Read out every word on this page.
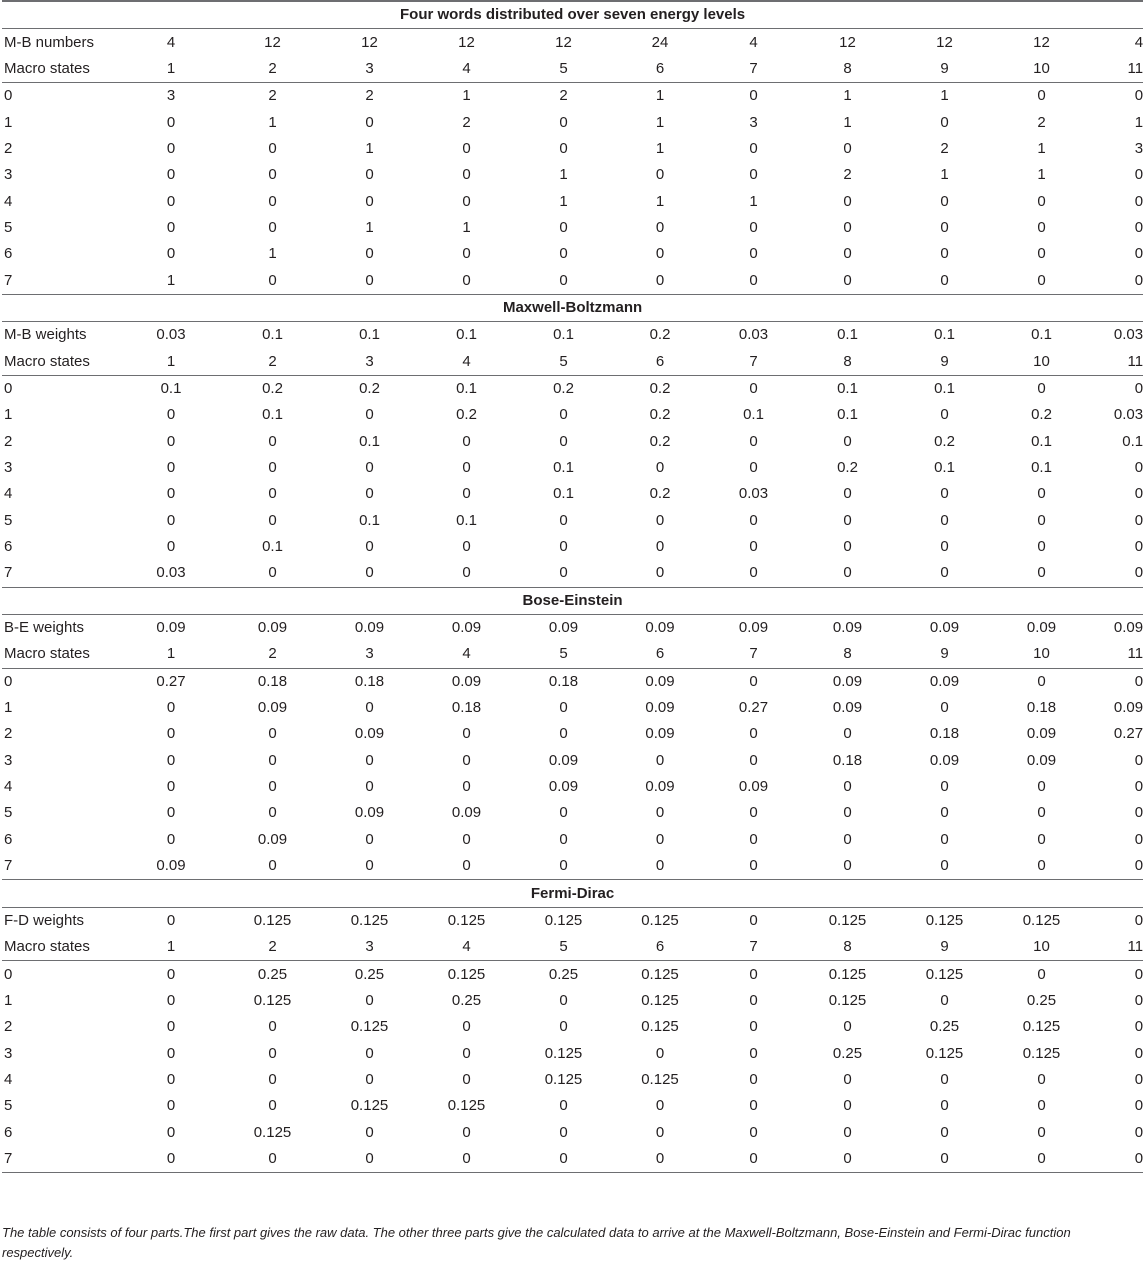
Four words distributed over seven energy levels											
M-B numbers	4	12	12	12	12	24	4	12	12	12	4
Macro states	1	2	3	4	5	6	7	8	9	10	11
0	3	2	2	1	2	1	0	1	1	0	0
1	0	1	0	2	0	1	3	1	0	2	1
2	0	0	1	0	0	1	0	0	2	1	3
3	0	0	0	0	1	0	0	2	1	1	0
4	0	0	0	0	1	1	1	0	0	0	0
5	0	0	1	1	0	0	0	0	0	0	0
6	0	1	0	0	0	0	0	0	0	0	0
7	1	0	0	0	0	0	0	0	0	0	0
Maxwell-Boltzmann											
M-B weights	0.03	0.1	0.1	0.1	0.1	0.2	0.03	0.1	0.1	0.1	0.03
Macro states	1	2	3	4	5	6	7	8	9	10	11
0	0.1	0.2	0.2	0.1	0.2	0.2	0	0.1	0.1	0	0
1	0	0.1	0	0.2	0	0.2	0.1	0.1	0	0.2	0.03
2	0	0	0.1	0	0	0.2	0	0	0.2	0.1	0.1
3	0	0	0	0	0.1	0	0	0.2	0.1	0.1	0
4	0	0	0	0	0.1	0.2	0.03	0	0	0	0
5	0	0	0.1	0.1	0	0	0	0	0	0	0
6	0	0.1	0	0	0	0	0	0	0	0	0
7	0.03	0	0	0	0	0	0	0	0	0	0
Bose-Einstein											
B-E weights	0.09	0.09	0.09	0.09	0.09	0.09	0.09	0.09	0.09	0.09	0.09
Macro states	1	2	3	4	5	6	7	8	9	10	11
0	0.27	0.18	0.18	0.09	0.18	0.09	0	0.09	0.09	0	0
1	0	0.09	0	0.18	0	0.09	0.27	0.09	0	0.18	0.09
2	0	0	0.09	0	0	0.09	0	0	0.18	0.09	0.27
3	0	0	0	0	0.09	0	0	0.18	0.09	0.09	0
4	0	0	0	0	0.09	0.09	0.09	0	0	0	0
5	0	0	0.09	0.09	0	0	0	0	0	0	0
6	0	0.09	0	0	0	0	0	0	0	0	0
7	0.09	0	0	0	0	0	0	0	0	0	0
Fermi-Dirac											
F-D weights	0	0.125	0.125	0.125	0.125	0.125	0	0.125	0.125	0.125	0
Macro states	1	2	3	4	5	6	7	8	9	10	11
0	0	0.25	0.25	0.125	0.25	0.125	0	0.125	0.125	0	0
1	0	0.125	0	0.25	0	0.125	0	0.125	0	0.25	0
2	0	0	0.125	0	0	0.125	0	0	0.25	0.125	0
3	0	0	0	0	0.125	0	0	0.25	0.125	0.125	0
4	0	0	0	0	0.125	0.125	0	0	0	0	0
5	0	0	0.125	0.125	0	0	0	0	0	0	0
6	0	0.125	0	0	0	0	0	0	0	0	0
7	0	0	0	0	0	0	0	0	0	0	0
The table consists of four parts.The first part gives the raw data. The other three parts give the calculated data to arrive at the Maxwell-Boltzmann, Bose-Einstein and Fermi-Dirac function respectively.
